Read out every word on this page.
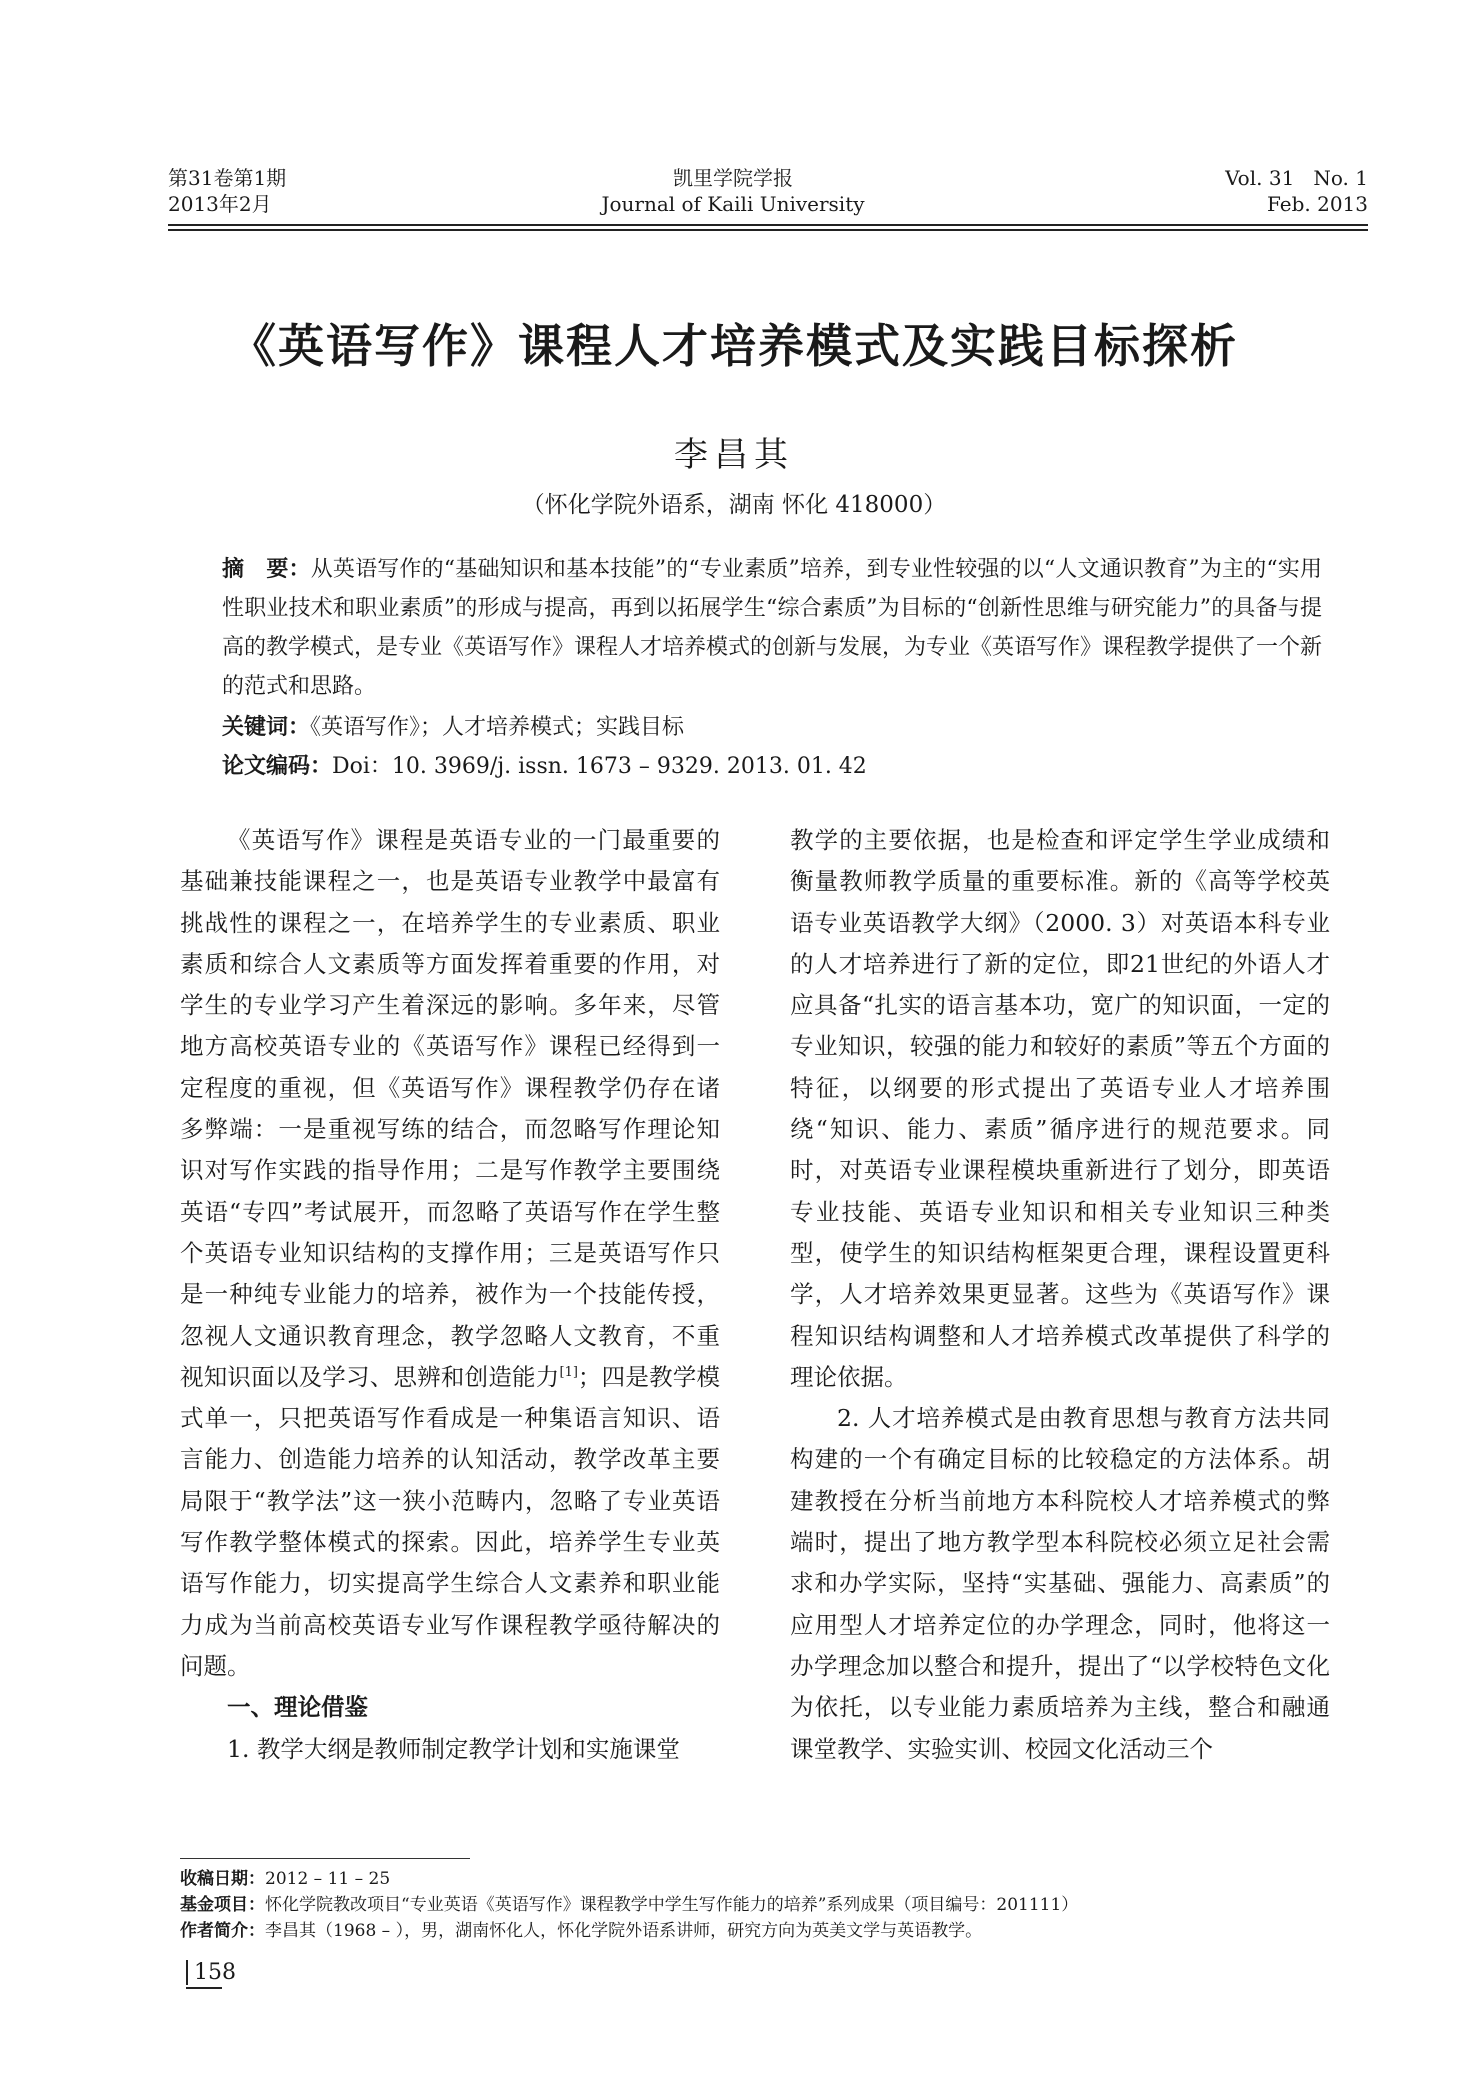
第31卷第1期
2013年2月
凯里学院学报
Journal of Kaili University
Vol. 31   No. 1
Feb. 2013
《英语写作》课程人才培养模式及实践目标探析
李昌其
（怀化学院外语系，湖南 怀化 418000）
摘　要：从英语写作的“基础知识和基本技能”的“专业素质”培养，到专业性较强的以“人文通识教育”为主的“实用性职业技术和职业素质”的形成与提高，再到以拓展学生“综合素质”为目标的“创新性思维与研究能力”的具备与提高的教学模式，是专业《英语写作》课程人才培养模式的创新与发展，为专业《英语写作》课程教学提供了一个新的范式和思路。
关键词：《英语写作》；人才培养模式；实践目标
论文编码：Doi：10. 3969/j. issn. 1673 – 9329. 2013. 01. 42

《英语写作》课程是英语专业的一门最重要的基础兼技能课程之一，也是英语专业教学中最富有挑战性的课程之一，在培养学生的专业素质、职业素质和综合人文素质等方面发挥着重要的作用，对学生的专业学习产生着深远的影响。多年来，尽管地方高校英语专业的《英语写作》课程已经得到一定程度的重视，但《英语写作》课程教学仍存在诸多弊端：一是重视写练的结合，而忽略写作理论知识对写作实践的指导作用；二是写作教学主要围绕英语“专四”考试展开，而忽略了英语写作在学生整个英语专业知识结构的支撑作用；三是英语写作只是一种纯专业能力的培养，被作为一个技能传授，忽视人文通识教育理念，教学忽略人文教育，不重视知识面以及学习、思辨和创造能力[1]；四是教学模式单一，只把英语写作看成是一种集语言知识、语言能力、创造能力培养的认知活动，教学改革主要局限于“教学法”这一狭小范畴内，忽略了专业英语写作教学整体模式的探索。因此，培养学生专业英语写作能力，切实提高学生综合人文素养和职业能力成为当前高校英语专业写作课程教学亟待解决的问题。

一、理论借鉴

1. 教学大纲是教师制定教学计划和实施课堂

教学的主要依据，也是检查和评定学生学业成绩和衡量教师教学质量的重要标准。新的《高等学校英语专业英语教学大纲》（2000. 3）对英语本科专业的人才培养进行了新的定位，即21世纪的外语人才应具备“扎实的语言基本功，宽广的知识面，一定的专业知识，较强的能力和较好的素质”等五个方面的特征，以纲要的形式提出了英语专业人才培养围绕“知识、能力、素质”循序进行的规范要求。同时，对英语专业课程模块重新进行了划分，即英语专业技能、英语专业知识和相关专业知识三种类型，使学生的知识结构框架更合理，课程设置更科学，人才培养效果更显著。这些为《英语写作》课程知识结构调整和人才培养模式改革提供了科学的理论依据。

2. 人才培养模式是由教育思想与教育方法共同构建的一个有确定目标的比较稳定的方法体系。胡建教授在分析当前地方本科院校人才培养模式的弊端时，提出了地方教学型本科院校必须立足社会需求和办学实际，坚持“实基础、强能力、高素质”的应用型人才培养定位的办学理念，同时，他将这一办学理念加以整合和提升，提出了“以学校特色文化为依托，以专业能力素质培养为主线，整合和融通课堂教学、实验实训、校园文化活动三个

收稿日期：2012 – 11 – 25
基金项目：怀化学院教改项目“专业英语《英语写作》课程教学中学生写作能力的培养”系列成果（项目编号：201111）
作者简介：李昌其（1968 – ），男，湖南怀化人，怀化学院外语系讲师，研究方向为英美文学与英语教学。
158
